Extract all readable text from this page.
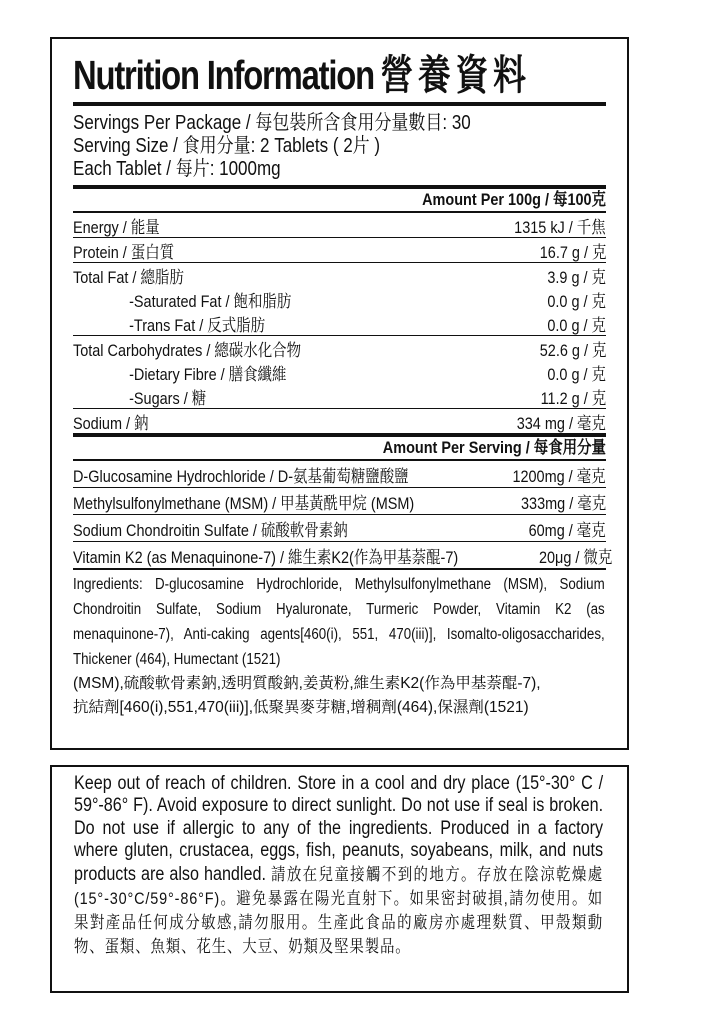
Nutrition Information 營養資料
Servings Per Package / 每包裝所含食用分量數目: 30
Serving Size / 食用分量: 2 Tablets ( 2片 )
Each Tablet / 每片: 1000mg
Amount Per 100g / 每100克
Energy / 能量	1315 kJ / 千焦
Protein / 蛋白質	16.7 g / 克
Total Fat / 總脂肪	3.9 g / 克
-Saturated Fat / 飽和脂肪	0.0 g / 克
-Trans Fat / 反式脂肪	0.0 g / 克
Total Carbohydrates / 總碳水化合物	52.6 g / 克
-Dietary Fibre / 膳食纖維	0.0 g / 克
-Sugars / 糖	11.2 g / 克
Sodium / 鈉	334 mg / 毫克
Amount Per Serving / 每食用分量
D-Glucosamine Hydrochloride / D-氨基葡萄糖鹽酸鹽	1200mg / 毫克
Methylsulfonylmethane (MSM) / 甲基黃酰甲烷 (MSM)	333mg / 毫克
Sodium Chondroitin Sulfate / 硫酸軟骨素鈉	60mg / 毫克
Vitamin K2 (as Menaquinone-7) / 維生素K2(作為甲基萘醌-7)	20μg / 微克
Ingredients: D-glucosamine Hydrochloride, Methylsulfonylmethane (MSM), Sodium Chondroitin Sulfate, Sodium Hyaluronate, Turmeric Powder, Vitamin K2 (as menaquinone-7), Anti-caking agents[460(i), 551, 470(iii)], Isomalto-oligosaccharides, Thickener (464), Humectant (1521)
(MSM),硫酸軟骨素鈉,透明質酸鈉,姜黃粉,維生素K2(作為甲基萘醌-7),
抗結劑[460(i),551,470(iii)],低聚異麥芽糖,增稠劑(464),保濕劑(1521)
Keep out of reach of children. Store in a cool and dry place (15°-30° C / 59°-86° F). Avoid exposure to direct sunlight. Do not use if seal is broken. Do not use if allergic to any of the ingredients. Produced in a factory where gluten, crustacea, eggs, fish, peanuts, soyabeans, milk, and nuts products are also handled. 請放在兒童接觸不到的地方。存放在陰涼乾燥處(15°-30°C/59°-86°F)。避免暴露在陽光直射下。如果密封破損,請勿使用。如果對產品任何成分敏感,請勿服用。生產此食品的廠房亦處理麩質、甲殼類動物、蛋類、魚類、花生、大豆、奶類及堅果製品。
